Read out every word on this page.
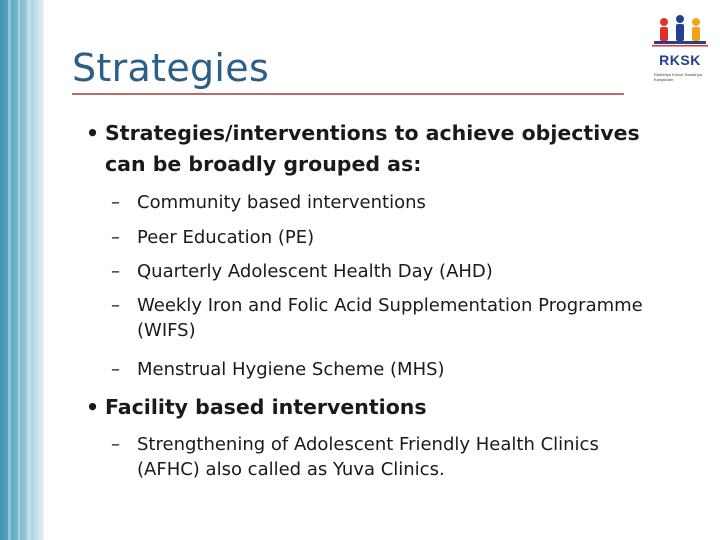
Strategies	RKSK
Rashtriya Kishor Swasthya Karyakram
• Strategies/interventions to achieve objectives can be broadly grouped as:
– Community based interventions
– Peer Education (PE)
– Quarterly Adolescent Health Day (AHD)
– Weekly Iron and Folic Acid Supplementation Programme (WIFS)
– Menstrual Hygiene Scheme (MHS)
• Facility based interventions
– Strengthening of Adolescent Friendly Health Clinics (AFHC) also called as Yuva Clinics.
